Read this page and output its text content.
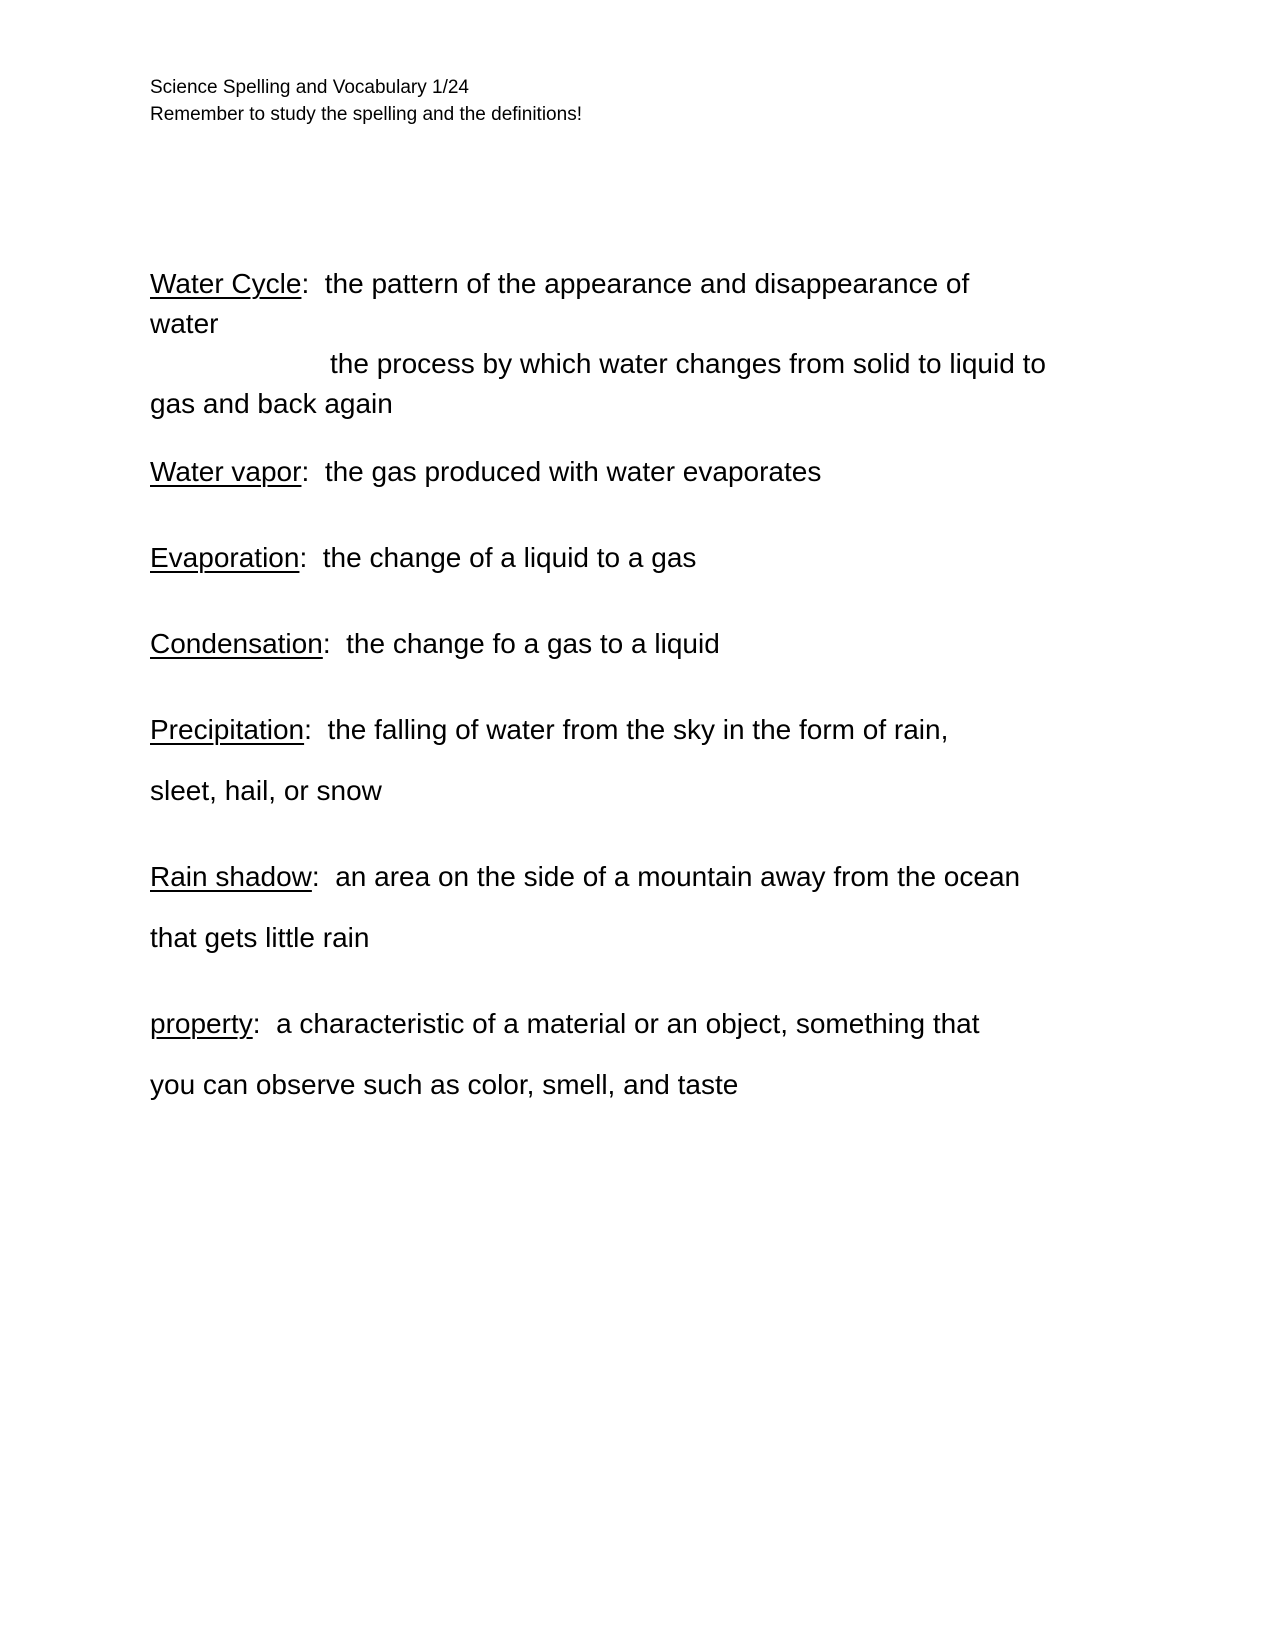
Science Spelling and Vocabulary 1/24
Remember to study the spelling and the definitions!
Water Cycle: the pattern of the appearance and disappearance of
water
the process by which water changes from solid to liquid to
gas and back again
Water vapor: the gas produced with water evaporates
Evaporation: the change of a liquid to a gas
Condensation: the change fo a gas to a liquid
Precipitation: the falling of water from the sky in the form of rain,
sleet, hail, or snow
Rain shadow: an area on the side of a mountain away from the ocean
that gets little rain
property: a characteristic of a material or an object, something that
you can observe such as color, smell, and taste
